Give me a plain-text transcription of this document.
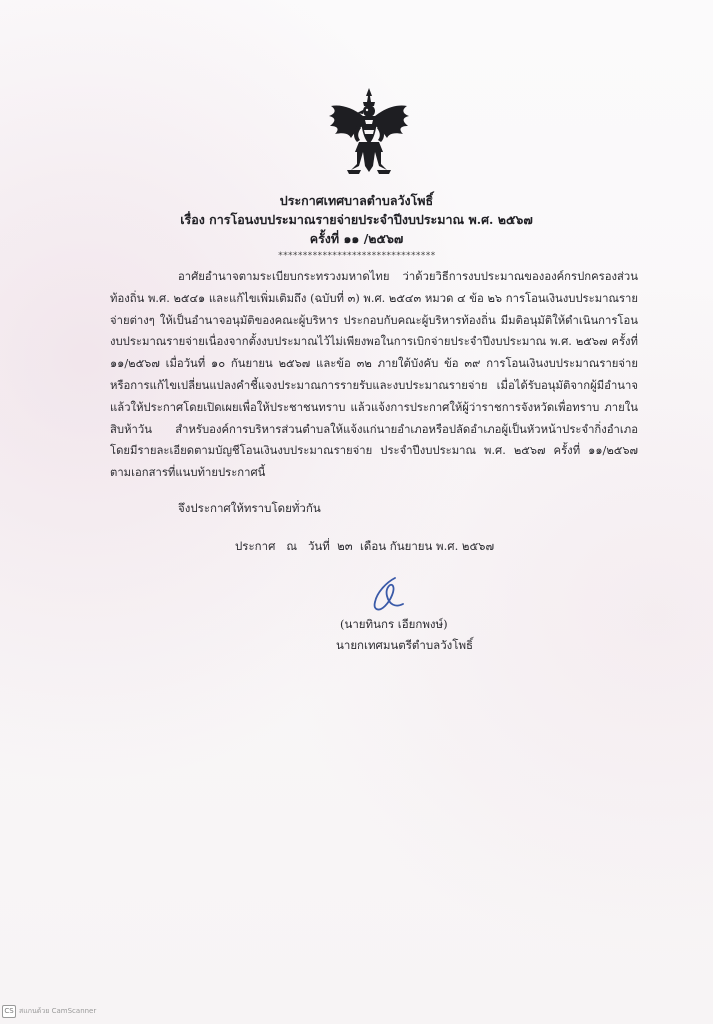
ประกาศเทศบาลตำบลวังโพธิ์
เรื่อง การโอนงบประมาณรายจ่ายประจำปีงบประมาณ พ.ศ. ๒๕๖๗
ครั้งที่ ๑๑ /๒๕๖๗
********************************

อาศัยอำนาจตามระเบียบกระทรวงมหาดไทย ว่าด้วยวิธีการงบประมาณขององค์กรปกครองส่วนท้องถิ่น พ.ศ. ๒๕๔๑ และแก้ไขเพิ่มเติมถึง (ฉบับที่ ๓) พ.ศ. ๒๕๔๓ หมวด ๔ ข้อ ๒๖ การโอนเงินงบประมาณรายจ่ายต่างๆ ให้เป็นอำนาจอนุมัติของคณะผู้บริหาร ประกอบกับคณะผู้บริหารท้องถิ่น มีมติอนุมัติให้ดำเนินการโอนงบประมาณรายจ่ายเนื่องจากตั้งงบประมาณไว้ไม่เพียงพอในการเบิกจ่ายประจำปีงบประมาณ พ.ศ. ๒๕๖๗ ครั้งที่ ๑๑/๒๕๖๗ เมื่อวันที่ ๑๐ กันยายน ๒๕๖๗ และข้อ ๓๒ ภายใต้บังคับ ข้อ ๓๙ การโอนเงินงบประมาณรายจ่าย หรือการแก้ไขเปลี่ยนแปลงคำชี้แจงประมาณการรายรับและงบประมาณรายจ่าย เมื่อได้รับอนุมัติจากผู้มีอำนาจแล้วให้ประกาศโดยเปิดเผยเพื่อให้ประชาชนทราบ แล้วแจ้งการประกาศให้ผู้ว่าราชการจังหวัดเพื่อทราบ ภายในสิบห้าวัน สำหรับองค์การบริหารส่วนตำบลให้แจ้งแก่นายอำเภอหรือปลัดอำเภอผู้เป็นหัวหน้าประจำกิ่งอำเภอ โดยมีรายละเอียดตามบัญชีโอนเงินงบประมาณรายจ่าย ประจำปีงบประมาณ พ.ศ. ๒๕๖๗ ครั้งที่ ๑๑/๒๕๖๗ ตามเอกสารที่แนบท้ายประกาศนี้

จึงประกาศให้ทราบโดยทั่วกัน
ประกาศ   ณ   วันที่  ๒๓  เดือน กันยายน พ.ศ. ๒๕๖๗
(นายทินกร เอียกพงษ์)
นายกเทศมนตรีตำบลวังโพธิ์
CS สแกนด้วย CamScanner
